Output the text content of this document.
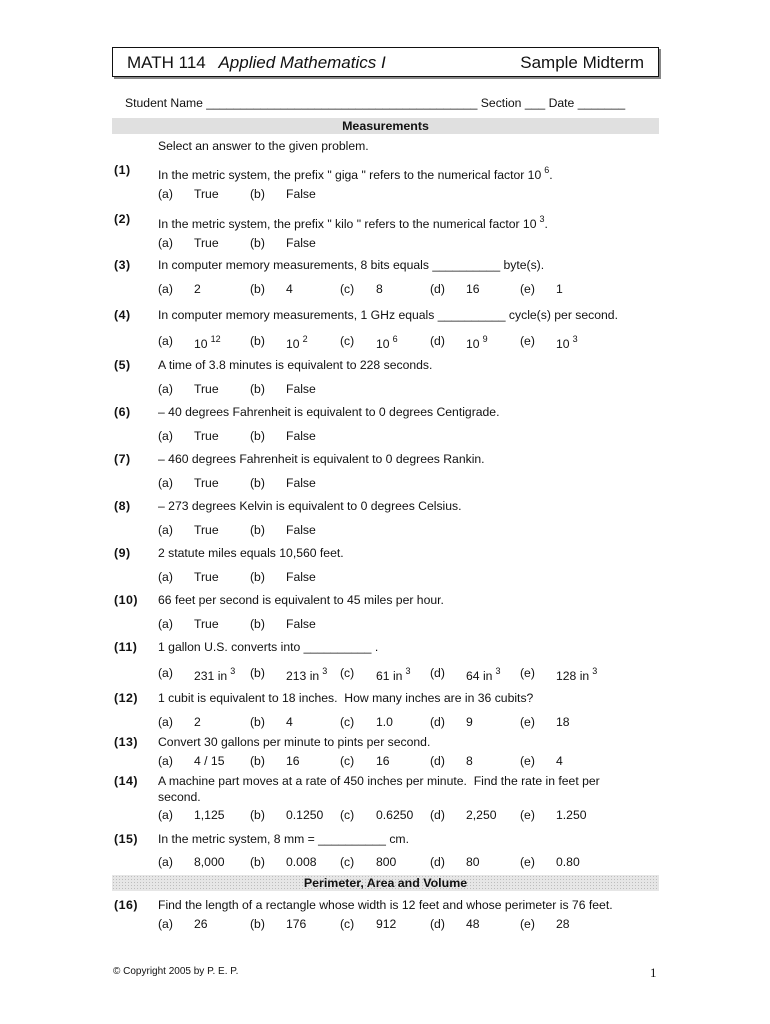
MATH 114 Applied Mathematics I	Sample Midterm
Student Name ________________________________________ Section ___ Date _______
Measurements
Select an answer to the given problem.
Perimeter, Area and Volume
(1) In the metric system, the prefix " giga " refers to the numerical factor 10 $^6$.
(a) True	(b) False
(2) In the metric system, the prefix " kilo " refers to the numerical factor 10 $^3$.
(a) True	(b) False
(3) In computer memory measurements, 8 bits equals __________ byte(s).
(a) 2	(b) 4	(c) 8	(d) 16	(e) 1
(4) In computer memory measurements, 1 GHz equals __________ cycle(s) per second.
(a) 10 $^{12}$ (b) 10 $^2$	(c) 10 $^6$	(d) 10 $^9$	(e) 10 $^3$
(5) A time of 3.8 minutes is equivalent to 228 seconds.
(a) True	(b) False
(6) – 40 degrees Fahrenheit is equivalent to 0 degrees Centigrade.
(a) True	(b) False
(7) – 460 degrees Fahrenheit is equivalent to 0 degrees Rankin.
(a) True	(b) False
(8) – 273 degrees Kelvin is equivalent to 0 degrees Celsius.
(a) True	(b) False
(9) 2 statute miles equals 10,560 feet.
(a) True	(b) False
(10) 66 feet per second is equivalent to 45 miles per hour.
(a) True	(b) False
(11) 1 gallon U.S. converts into __________ .
(a) 231 in $^3$ (b) 213 in $^3$ (c) 61 in $^3$ (d) 64 in $^3$ (e) 128 in $^3$
(12) 1 cubit is equivalent to 18 inches.  How many inches are in 36 cubits?
(a) 2	(b) 4	(c) 1.0	(d) 9	(e) 18
(13) Convert 30 gallons per minute to pints per second.
(a) 4 / 15 (b) 16	(c) 16	(d) 8	(e) 4
(14) A machine part moves at a rate of 450 inches per minute.  Find the rate in feet per second.
(a) 1,125 (b) 0.1250 (c) 0.6250 (d) 2,250 (e) 1.250
(15) In the metric system, 8 mm = __________ cm.
(a) 8,000 (b) 0.008 (c) 800	(d) 80	(e) 0.80
(16) Find the length of a rectangle whose width is 12 feet and whose perimeter is 76 feet.
(a) 26	(b) 176	(c) 912	(d) 48	(e) 28
© Copyright 2005 by P. E. P.	1
